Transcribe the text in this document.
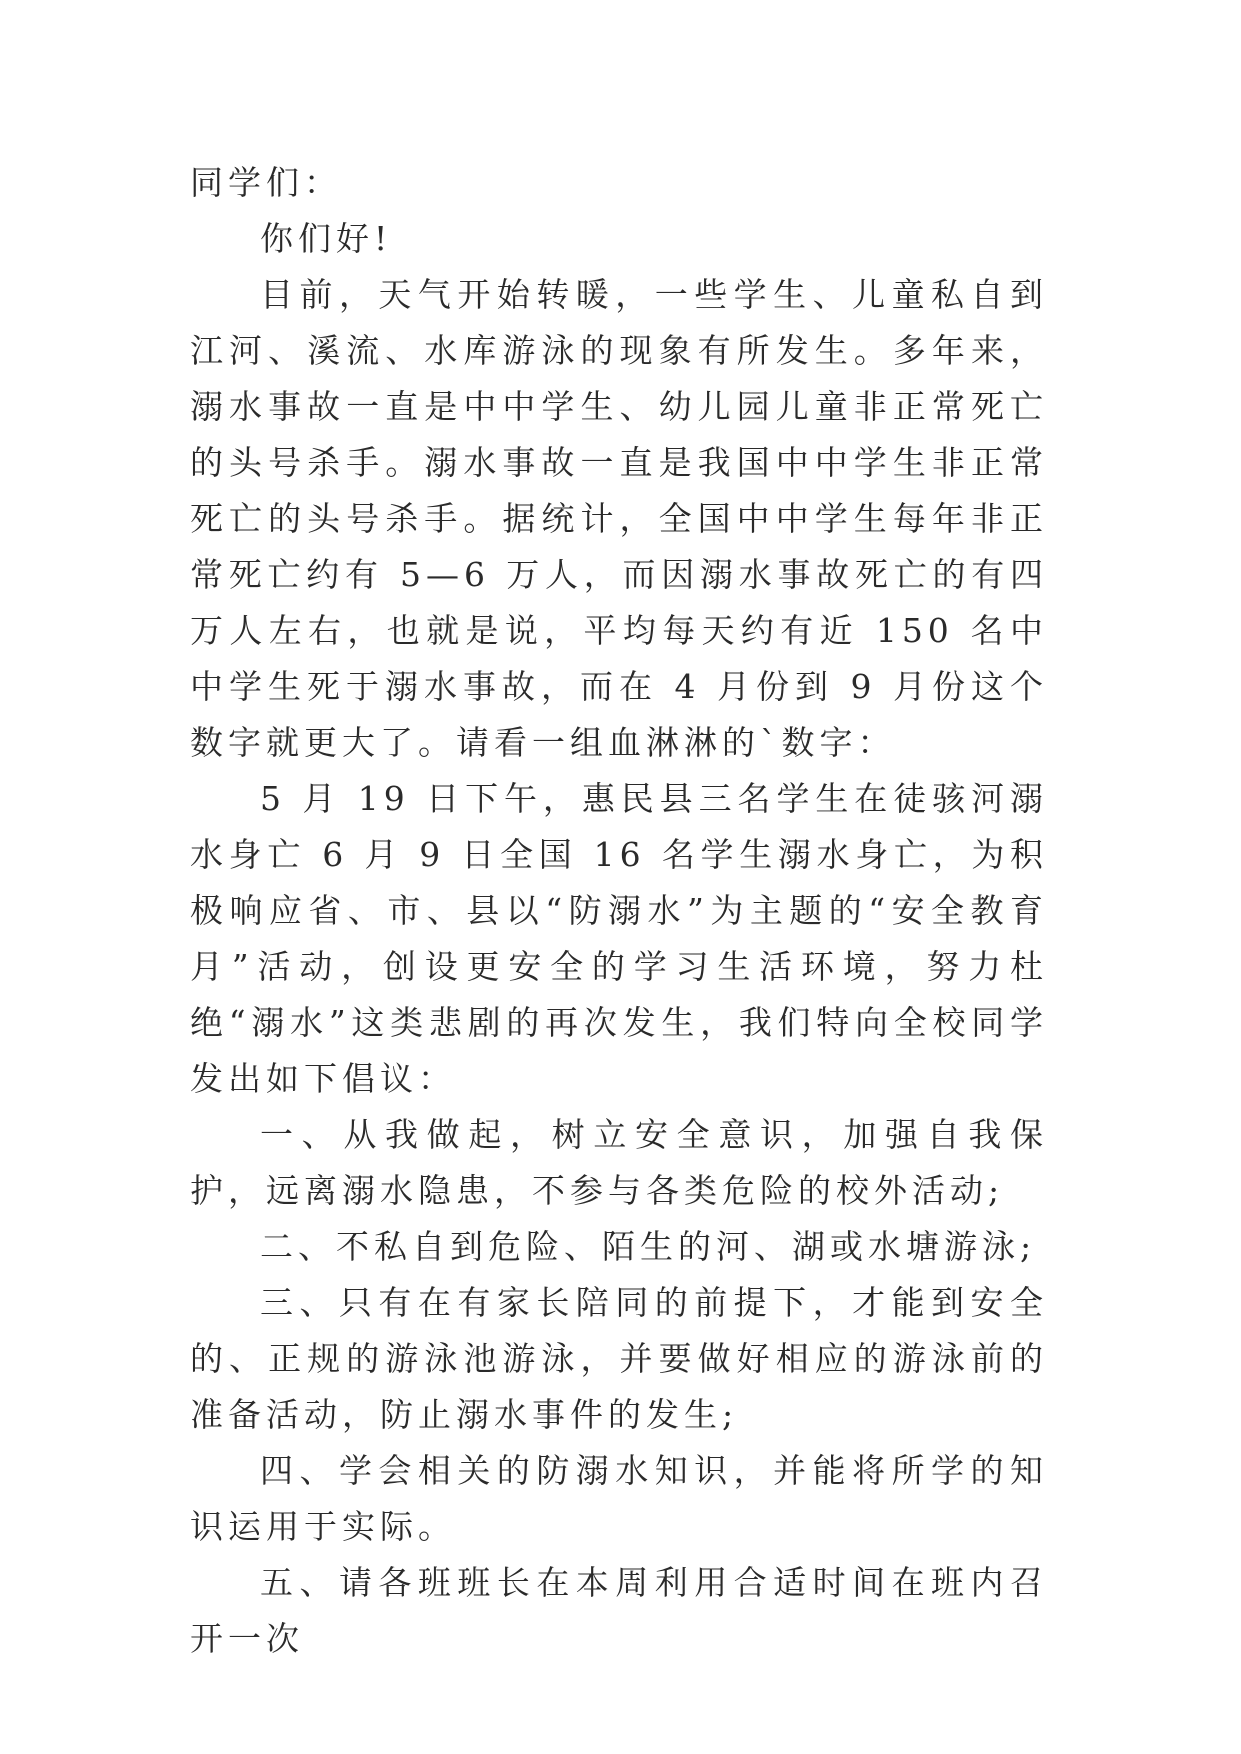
同学们：

你们好!

目前，天气开始转暖，一些学生、儿童私自到江河、溪流、水库游泳的现象有所发生。多年来，溺水事故一直是中中学生、幼儿园儿童非正常死亡的头号杀手。溺水事故一直是我国中中学生非正常死亡的头号杀手。据统计，全国中中学生每年非正常死亡约有 5—6 万人，而因溺水事故死亡的有四万人左右，也就是说，平均每天约有近 150 名中中学生死于溺水事故，而在 4 月份到 9 月份这个数字就更大了。请看一组血淋淋的`数字：

5 月 19 日下午，惠民县三名学生在徒骇河溺水身亡 6 月 9 日全国 16 名学生溺水身亡，为积极响应省、市、县以“防溺水”为主题的“安全教育月”活动，创设更安全的学习生活环境，努力杜绝“溺水”这类悲剧的再次发生，我们特向全校同学发出如下倡议：

一、从我做起，树立安全意识，加强自我保护，远离溺水隐患，不参与各类危险的校外活动;

二、不私自到危险、陌生的河、湖或水塘游泳;

三、只有在有家长陪同的前提下，才能到安全的、正规的游泳池游泳，并要做好相应的游泳前的准备活动，防止溺水事件的发生;

四、学会相关的防溺水知识，并能将所学的知识运用于实际。

五、请各班班长在本周利用合适时间在班内召开一次
